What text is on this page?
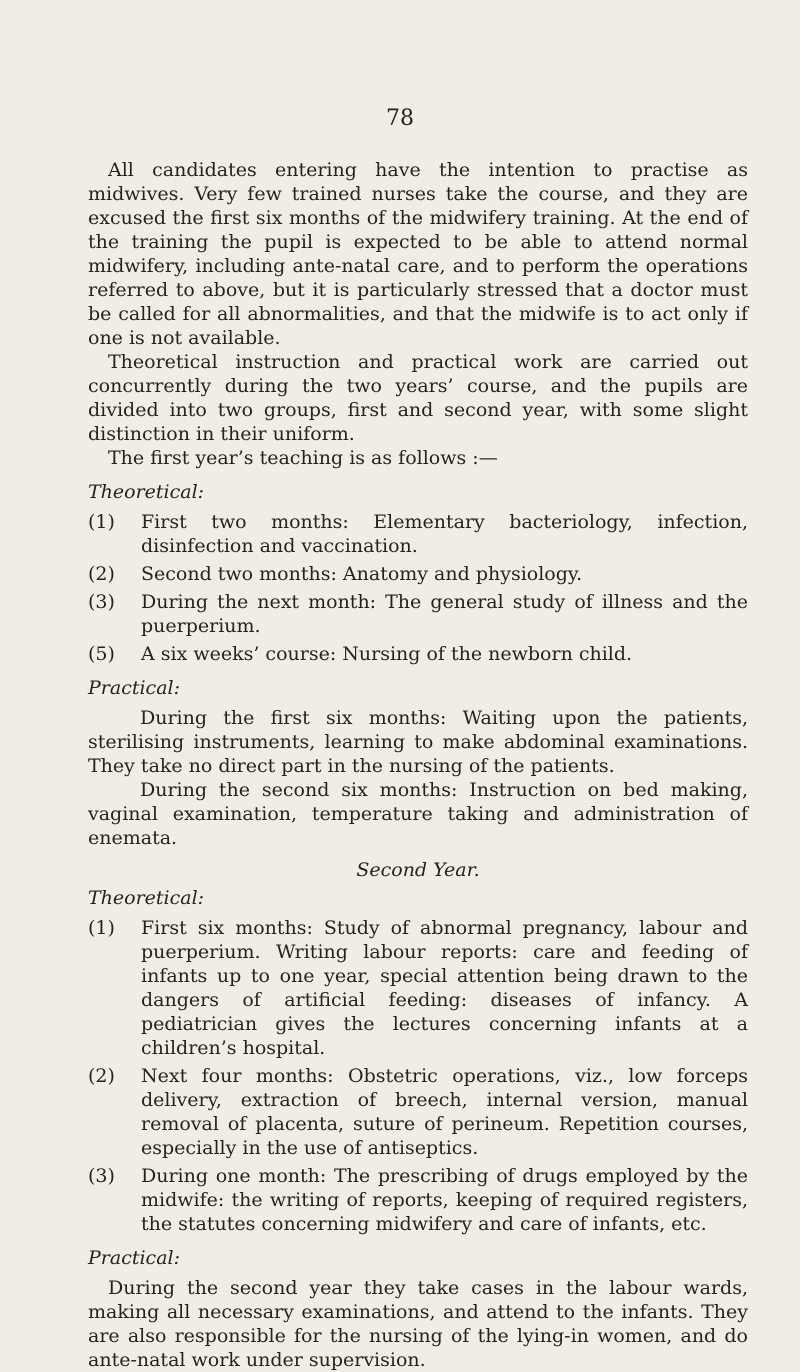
78

All candidates entering have the intention to practise as midwives. Very few trained nurses take the course, and they are excused the first six months of the midwifery training. At the end of the training the pupil is expected to be able to attend normal midwifery, including ante-natal care, and to perform the operations referred to above, but it is particularly stressed that a doctor must be called for all abnormalities, and that the midwife is to act only if one is not available.

Theoretical instruction and practical work are carried out concurrently during the two years’ course, and the pupils are divided into two groups, first and second year, with some slight distinction in their uniform.

The first year’s teaching is as follows :—

Theoretical:

(1) First two months: Elementary bacteriology, infection, disinfection and vaccination.
(2) Second two months: Anatomy and physiology.
(3) During the next month: The general study of illness and the puerperium.
(5) A six weeks’ course: Nursing of the newborn child.

Practical:

During the first six months: Waiting upon the patients, sterilising instruments, learning to make abdominal examinations. They take no direct part in the nursing of the patients.

During the second six months: Instruction on bed making, vaginal examination, temperature taking and administration of enemata.

Second Year.

Theoretical:

(1) First six months: Study of abnormal pregnancy, labour and puerperium. Writing labour reports: care and feeding of infants up to one year, special attention being drawn to the dangers of artificial feeding: diseases of infancy. A pediatrician gives the lectures concerning infants at a children’s hospital.
(2) Next four months: Obstetric operations, viz., low forceps delivery, extraction of breech, internal version, manual removal of placenta, suture of perineum. Repetition courses, especially in the use of antiseptics.
(3) During one month: The prescribing of drugs employed by the midwife: the writing of reports, keeping of required registers, the statutes concerning midwifery and care of infants, etc.

Practical:

During the second year they take cases in the labour wards, making all necessary examinations, and attend to the infants. They are also responsible for the nursing of the lying-in women, and do ante-natal work under supervision.
